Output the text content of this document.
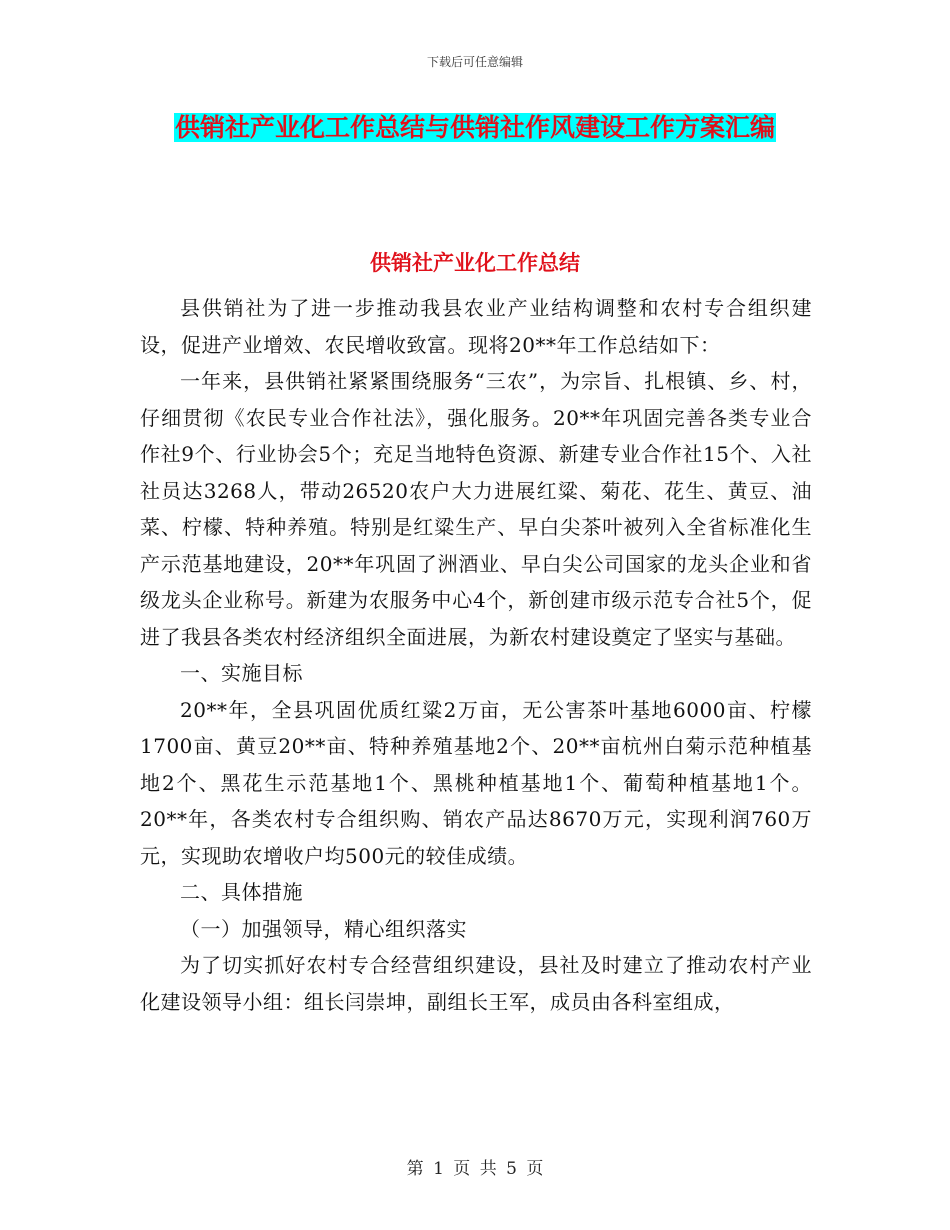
下载后可任意编辑
供销社产业化工作总结与供销社作风建设工作方案汇编
供销社产业化工作总结

县供销社为了进一步推动我县农业产业结构调整和农村专合组织建设，促进产业增效、农民增收致富。现将20**年工作总结如下：

一年来，县供销社紧紧围绕服务“三农”，为宗旨、扎根镇、乡、村，仔细贯彻《农民专业合作社法》，强化服务。20**年巩固完善各类专业合作社9个、行业协会5个；充足当地特色资源、新建专业合作社15个、入社社员达3268人，带动26520农户大力进展红粱、菊花、花生、黄豆、油菜、柠檬、特种养殖。特别是红粱生产、早白尖茶叶被列入全省标准化生产示范基地建设，20**年巩固了洲酒业、早白尖公司国家的龙头企业和省级龙头企业称号。新建为农服务中心4个，新创建市级示范专合社5个，促进了我县各类农村经济组织全面进展，为新农村建设奠定了坚实与基础。

一、实施目标

20**年，全县巩固优质红粱2万亩，无公害茶叶基地6000亩、柠檬1700亩、黄豆20**亩、特种养殖基地2个、20**亩杭州白菊示范种植基地2个、黑花生示范基地1个、黑桃种植基地1个、葡萄种植基地1个。20**年，各类农村专合组织购、销农产品达8670万元，实现利润760万元，实现助农增收户均500元的较佳成绩。

二、具体措施

（一）加强领导，精心组织落实

为了切实抓好农村专合经营组织建设，县社及时建立了推动农村产业化建设领导小组：组长闫崇坤，副组长王军，成员由各科室组成，

第 1 页 共 5 页
